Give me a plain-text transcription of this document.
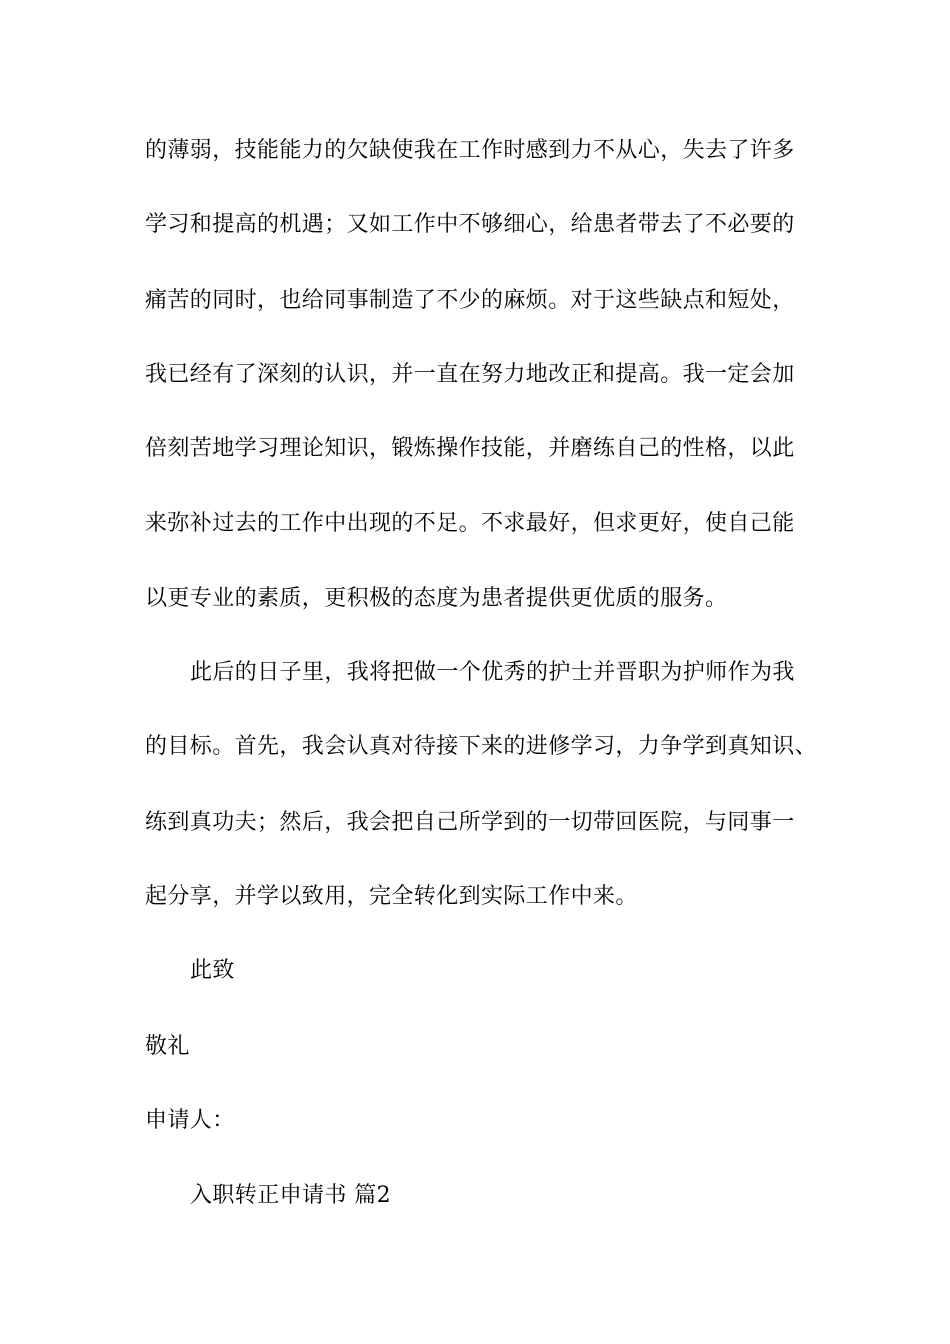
的薄弱，技能能力的欠缺使我在工作时感到力不从心，失去了许多
学习和提高的机遇；又如工作中不够细心，给患者带去了不必要的
痛苦的同时，也给同事制造了不少的麻烦。对于这些缺点和短处，
我已经有了深刻的认识，并一直在努力地改正和提高。我一定会加
倍刻苦地学习理论知识，锻炼操作技能，并磨练自己的性格，以此
来弥补过去的工作中出现的不足。不求最好，但求更好，使自己能
以更专业的素质，更积极的态度为患者提供更优质的服务。
此后的日子里，我将把做一个优秀的护士并晋职为护师作为我
的目标。首先，我会认真对待接下来的进修学习，力争学到真知识、
练到真功夫；然后，我会把自己所学到的一切带回医院，与同事一
起分享，并学以致用，完全转化到实际工作中来。
此致
敬礼
申请人：
入职转正申请书 篇2
